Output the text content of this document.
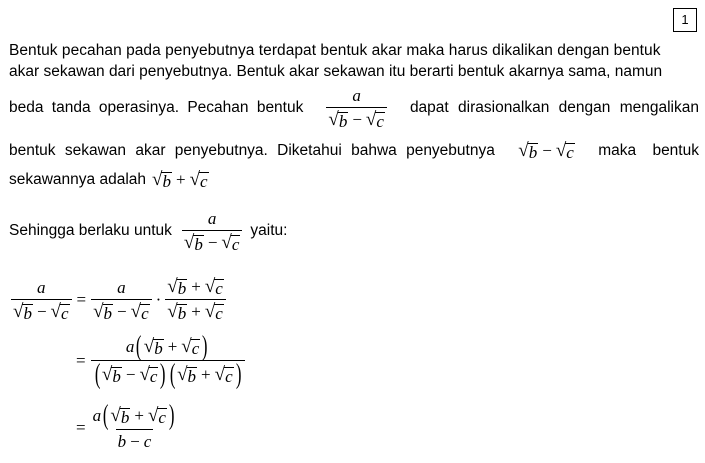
1
Bentuk pecahan pada penyebutnya terdapat bentuk akar maka harus dikalikan dengan bentuk
akar sekawan dari penyebutnya. Bentuk akar sekawan itu berarti bentuk akarnya sama, namun
beda tanda operasinya. Pecahan bentuk $\frac{a}{√ b - √ c}$ dapat dirasionalkan dengan mengalikan
bentuk sekawan akar penyebutnya. Diketahui bahwa penyebutnya √ b − √ c maka bentuk
sekawannya adalah √ b + √ c
Sehingga berlaku untuk $\frac{a}{√ b - √ c}$ yaitu:
$\frac{a}{√ b - √ c} = \frac{a}{√ b - √ c} \cdot \frac{√ b + √ c}{√ b + √ c}$
= $\frac{a ( √ b + √ c )}{( √ b - √ c ) ( √ b + √ c )}$
= $\frac{a ( √ b + √ c )}{b - c}$
